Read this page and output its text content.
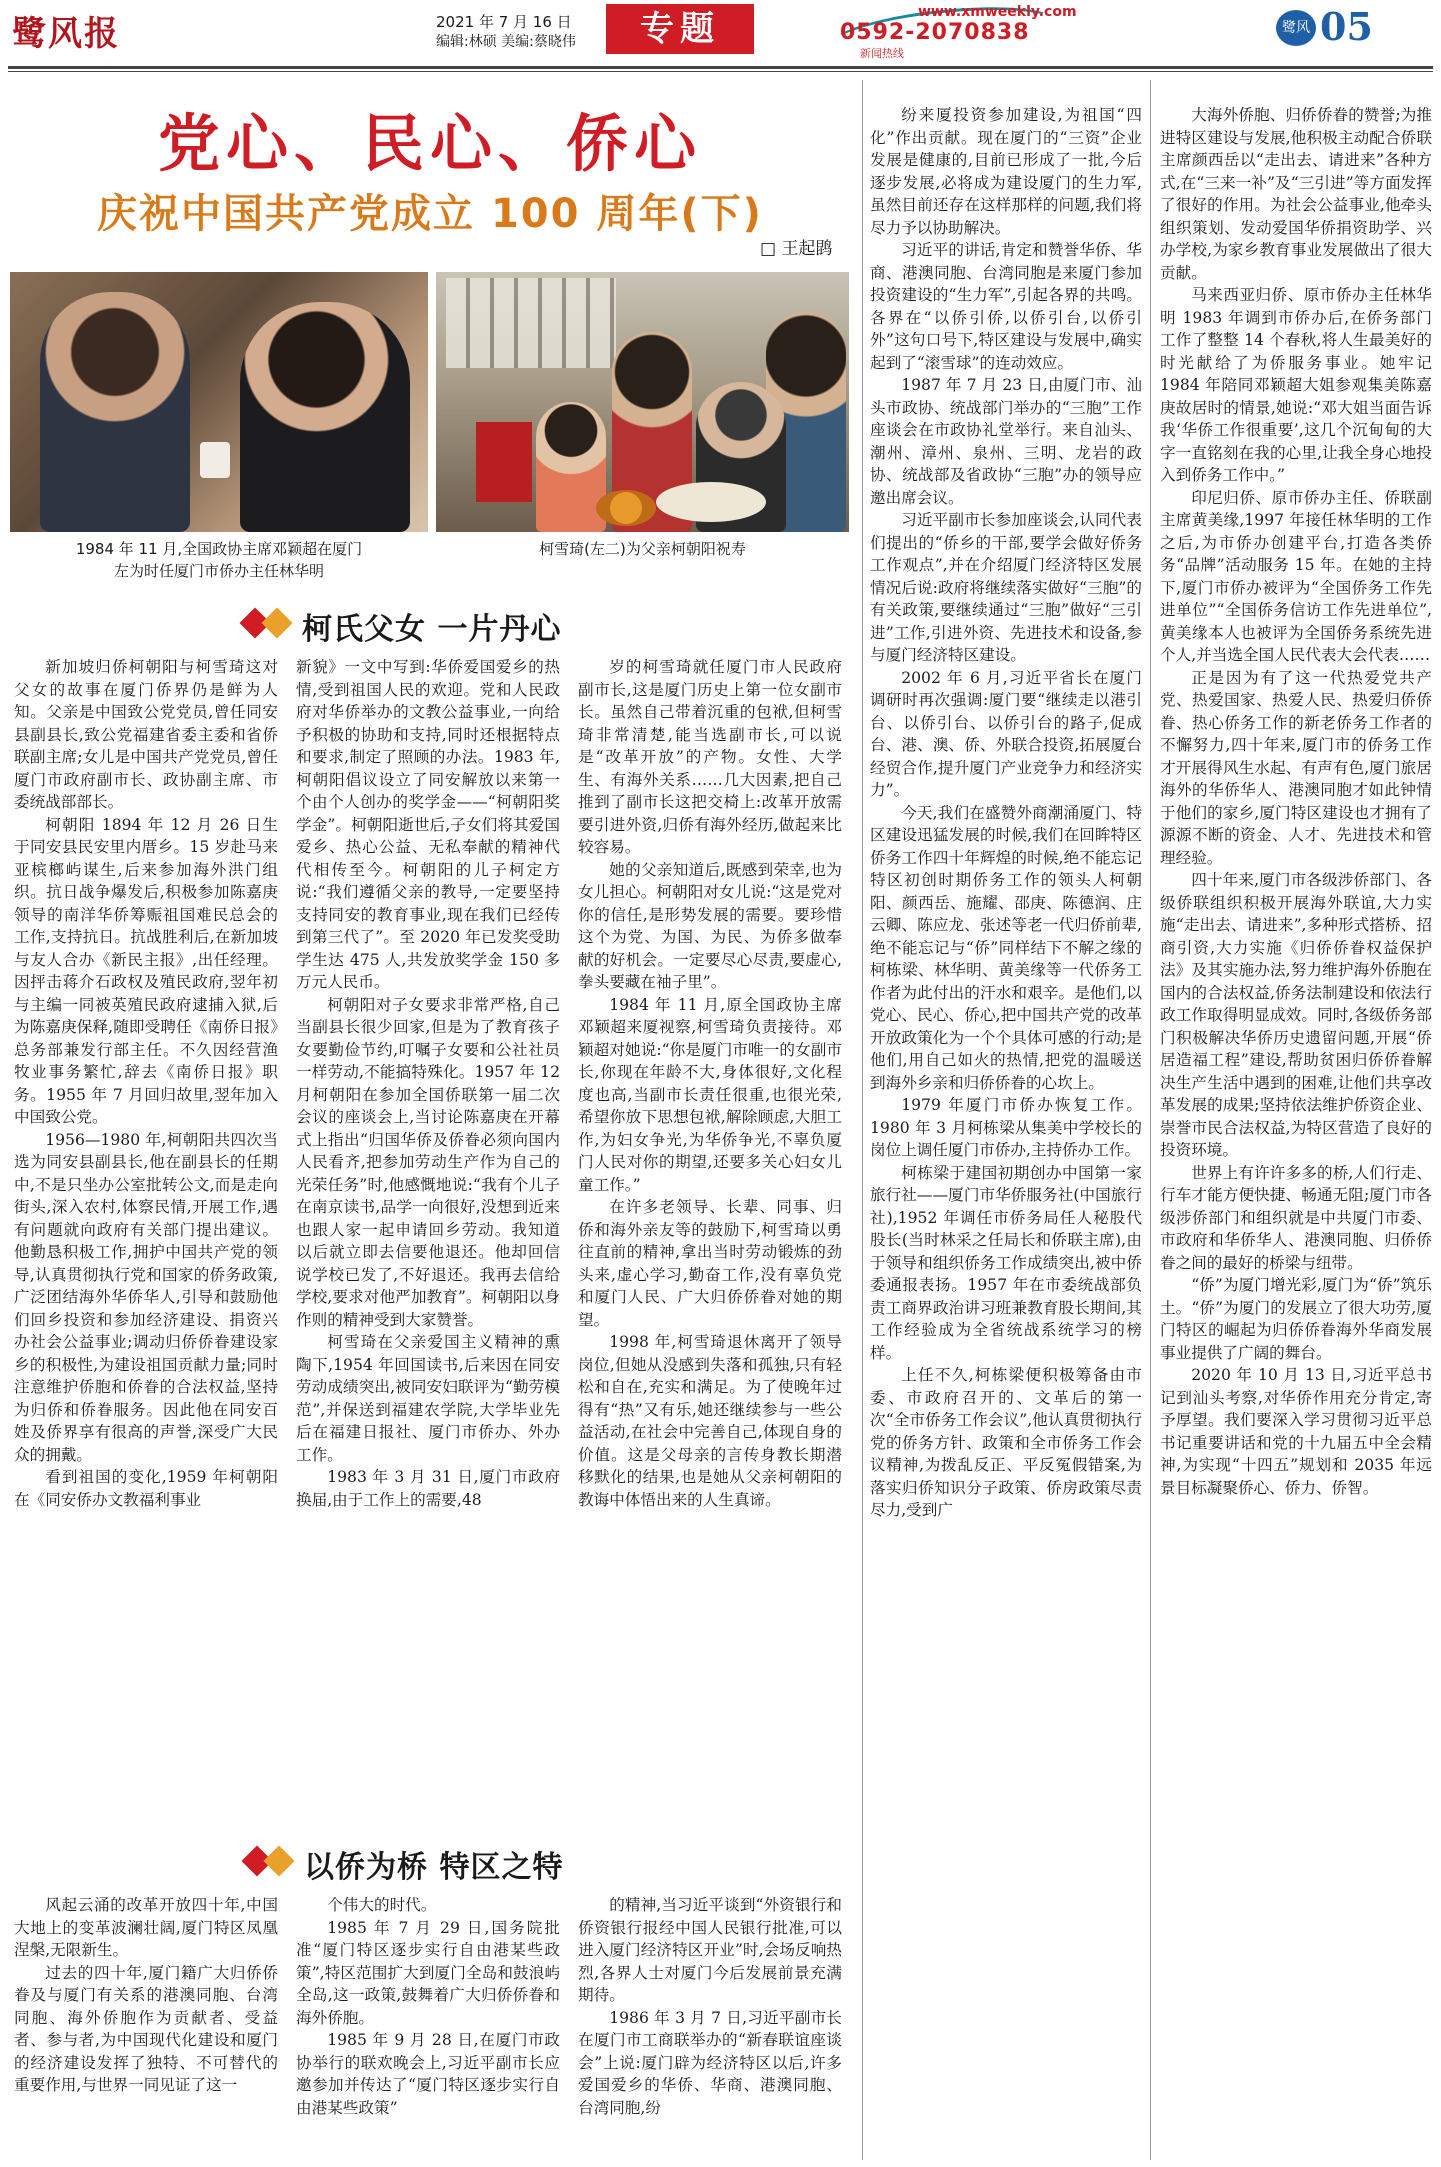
鹭风报	2021 年 7 月 16 日
编辑:林硕 美编:蔡晓伟	专题	www.xmweekly.com
0592-2070838
新闻热线
鹭风 05
党心、民心、侨心
庆祝中国共产党成立 100 周年(下)
□ 王起鹍
1984 年 11 月,全国政协主席邓颖超在厦门
左为时任厦门市侨办主任林华明
柯雪琦(左二)为父亲柯朝阳祝寿
柯氏父女 一片丹心

新加坡归侨柯朝阳与柯雪琦这对父女的故事在厦门侨界仍是鲜为人知。父亲是中国致公党党员,曾任同安县副县长,致公党福建省委主委和省侨联副主席;女儿是中国共产党党员,曾任厦门市政府副市长、政协副主席、市委统战部部长。

柯朝阳 1894 年 12 月 26 日生于同安县民安里内厝乡。15 岁赴马来亚槟榔屿谋生,后来参加海外洪门组织。抗日战争爆发后,积极参加陈嘉庚领导的南洋华侨筹赈祖国难民总会的工作,支持抗日。抗战胜利后,在新加坡与友人合办《新民主报》,出任经理。因抨击蒋介石政权及殖民政府,翌年初与主编一同被英殖民政府逮捕入狱,后为陈嘉庚保释,随即受聘任《南侨日报》总务部兼发行部主任。不久因经营渔牧业事务繁忙,辞去《南侨日报》职务。1955 年 7 月回归故里,翌年加入中国致公党。

1956—1980 年,柯朝阳共四次当选为同安县副县长,他在副县长的任期中,不是只坐办公室批转公文,而是走向街头,深入农村,体察民情,开展工作,遇有问题就向政府有关部门提出建议。他勤恳积极工作,拥护中国共产党的领导,认真贯彻执行党和国家的侨务政策,广泛团结海外华侨华人,引导和鼓励他们回乡投资和参加经济建设、捐资兴办社会公益事业;调动归侨侨眷建设家乡的积极性,为建设祖国贡献力量;同时注意维护侨胞和侨眷的合法权益,坚持为归侨和侨眷服务。因此他在同安百姓及侨界享有很高的声誉,深受广大民众的拥戴。

看到祖国的变化,1959 年柯朝阳在《同安侨办文教福利事业

新貌》一文中写到:华侨爱国爱乡的热情,受到祖国人民的欢迎。党和人民政府对华侨举办的文教公益事业,一向给予积极的协助和支持,同时还根据特点和要求,制定了照顾的办法。1983 年,柯朝阳倡议设立了同安解放以来第一个由个人创办的奖学金——“柯朝阳奖学金”。柯朝阳逝世后,子女们将其爱国爱乡、热心公益、无私奉献的精神代代相传至今。柯朝阳的儿子柯定方说:“我们遵循父亲的教导,一定要坚持支持同安的教育事业,现在我们已经传到第三代了”。至 2020 年已发奖受助学生达 475 人,共发放奖学金 150 多万元人民币。

柯朝阳对子女要求非常严格,自己当副县长很少回家,但是为了教育孩子女要勤俭节约,叮嘱子女要和公社社员一样劳动,不能搞特殊化。1957 年 12 月柯朝阳在参加全国侨联第一届二次会议的座谈会上,当讨论陈嘉庚在开幕式上指出“归国华侨及侨眷必须向国内人民看齐,把参加劳动生产作为自己的光荣任务”时,他感慨地说:“我有个儿子在南京读书,品学一向很好,没想到近来也跟人家一起申请回乡劳动。我知道以后就立即去信要他退还。他却回信说学校已发了,不好退还。我再去信给学校,要求对他严加教育”。柯朝阳以身作则的精神受到大家赞誉。

柯雪琦在父亲爱国主义精神的熏陶下,1954 年回国读书,后来因在同安劳动成绩突出,被同安妇联评为“勤劳模范”,并保送到福建农学院,大学毕业先后在福建日报社、厦门市侨办、外办工作。

1983 年 3 月 31 日,厦门市政府换届,由于工作上的需要,48

岁的柯雪琦就任厦门市人民政府副市长,这是厦门历史上第一位女副市长。虽然自己带着沉重的包袱,但柯雪琦非常清楚,能当选副市长,可以说是“改革开放”的产物。女性、大学生、有海外关系……几大因素,把自己推到了副市长这把交椅上:改革开放需要引进外资,归侨有海外经历,做起来比较容易。

她的父亲知道后,既感到荣幸,也为女儿担心。柯朝阳对女儿说:“这是党对你的信任,是形势发展的需要。要珍惜这个为党、为国、为民、为侨多做奉献的好机会。一定要尽心尽责,要虚心,拳头要藏在袖子里”。

1984 年 11 月,原全国政协主席邓颖超来厦视察,柯雪琦负责接待。邓颖超对她说:“你是厦门市唯一的女副市长,你现在年龄不大,身体很好,文化程度也高,当副市长责任很重,也很光荣,希望你放下思想包袱,解除顾虑,大胆工作,为妇女争光,为华侨争光,不辜负厦门人民对你的期望,还要多关心妇女儿童工作。”

在许多老领导、长辈、同事、归侨和海外亲友等的鼓励下,柯雪琦以勇往直前的精神,拿出当时劳动锻炼的劲头来,虚心学习,勤奋工作,没有辜负党和厦门人民、广大归侨侨眷对她的期望。

1998 年,柯雪琦退休离开了领导岗位,但她从没感到失落和孤独,只有轻松和自在,充实和满足。为了使晚年过得有“热”又有乐,她还继续参与一些公益活动,在社会中完善自己,体现自身的价值。这是父母亲的言传身教长期潜移默化的结果,也是她从父亲柯朝阳的教诲中体悟出来的人生真谛。

以侨为桥 特区之特

风起云涌的改革开放四十年,中国大地上的变革波澜壮阔,厦门特区凤凰涅槃,无限新生。

过去的四十年,厦门籍广大归侨侨眷及与厦门有关系的港澳同胞、台湾同胞、海外侨胞作为贡献者、受益者、参与者,为中国现代化建设和厦门的经济建设发挥了独特、不可替代的重要作用,与世界一同见证了这一

个伟大的时代。

1985 年 7 月 29 日,国务院批准“厦门特区逐步实行自由港某些政策”,特区范围扩大到厦门全岛和鼓浪屿全岛,这一政策,鼓舞着广大归侨侨眷和海外侨胞。

1985 年 9 月 28 日,在厦门市政协举行的联欢晚会上,习近平副市长应邀参加并传达了“厦门特区逐步实行自由港某些政策”

的精神,当习近平谈到“外资银行和侨资银行报经中国人民银行批准,可以进入厦门经济特区开业”时,会场反响热烈,各界人士对厦门今后发展前景充满期待。

1986 年 3 月 7 日,习近平副市长在厦门市工商联举办的“新春联谊座谈会”上说:厦门辟为经济特区以后,许多爱国爱乡的华侨、华商、港澳同胞、台湾同胞,纷

纷来厦投资参加建设,为祖国“四化”作出贡献。现在厦门的“三资”企业发展是健康的,目前已形成了一批,今后逐步发展,必将成为建设厦门的生力军,虽然目前还存在这样那样的问题,我们将尽力予以协助解决。

习近平的讲话,肯定和赞誉华侨、华商、港澳同胞、台湾同胞是来厦门参加投资建设的“生力军”,引起各界的共鸣。各界在“以侨引侨,以侨引台,以侨引外”这句口号下,特区建设与发展中,确实起到了“滚雪球”的连动效应。

1987 年 7 月 23 日,由厦门市、汕头市政协、统战部门举办的“三胞”工作座谈会在市政协礼堂举行。来自汕头、潮州、漳州、泉州、三明、龙岩的政协、统战部及省政协“三胞”办的领导应邀出席会议。

习近平副市长参加座谈会,认同代表们提出的“侨乡的干部,要学会做好侨务工作观点”,并在介绍厦门经济特区发展情况后说:政府将继续落实做好“三胞”的有关政策,要继续通过“三胞”做好“三引进”工作,引进外资、先进技术和设备,参与厦门经济特区建设。

2002 年 6 月,习近平省长在厦门调研时再次强调:厦门要“继续走以港引台、以侨引台、以侨引台的路子,促成台、港、澳、侨、外联合投资,拓展厦台经贸合作,提升厦门产业竞争力和经济实力”。

今天,我们在盛赞外商潮涌厦门、特区建设迅猛发展的时候,我们在回眸特区侨务工作四十年辉煌的时候,绝不能忘记特区初创时期侨务工作的领头人柯朝阳、颜西岳、施耀、邵庚、陈德润、庄云卿、陈应龙、张述等老一代归侨前辈,绝不能忘记与“侨”同样结下不解之缘的柯栋梁、林华明、黄美缘等一代侨务工作者为此付出的汗水和艰辛。是他们,以党心、民心、侨心,把中国共产党的改革开放政策化为一个个具体可感的行动;是他们,用自己如火的热情,把党的温暖送到海外乡亲和归侨侨眷的心坎上。

1979 年厦门市侨办恢复工作。1980 年 3 月柯栋梁从集美中学校长的岗位上调任厦门市侨办,主持侨办工作。

柯栋梁于建国初期创办中国第一家旅行社——厦门市华侨服务社(中国旅行社),1952 年调任市侨务局任人秘股代股长(当时林采之任局长和侨联主席),由于领导和组织侨务工作成绩突出,被中侨委通报表扬。1957 年在市委统战部负责工商界政治讲习班兼教育股长期间,其工作经验成为全省统战系统学习的榜样。

上任不久,柯栋梁便积极筹备由市委、市政府召开的、文革后的第一次“全市侨务工作会议”,他认真贯彻执行党的侨务方针、政策和全市侨务工作会议精神,为拨乱反正、平反冤假错案,为落实归侨知识分子政策、侨房政策尽责尽力,受到广

大海外侨胞、归侨侨眷的赞誉;为推进特区建设与发展,他积极主动配合侨联主席颜西岳以“走出去、请进来”各种方式,在“三来一补”及“三引进”等方面发挥了很好的作用。为社会公益事业,他牵头组织策划、发动爱国华侨捐资助学、兴办学校,为家乡教育事业发展做出了很大贡献。

马来西亚归侨、原市侨办主任林华明 1983 年调到市侨办后,在侨务部门工作了整整 14 个春秋,将人生最美好的时光献给了为侨服务事业。她牢记 1984 年陪同邓颖超大姐参观集美陈嘉庚故居时的情景,她说:“邓大姐当面告诉我‘华侨工作很重要’,这几个沉甸甸的大字一直铭刻在我的心里,让我全身心地投入到侨务工作中。”

印尼归侨、原市侨办主任、侨联副主席黄美缘,1997 年接任林华明的工作之后,为市侨办创建平台,打造各类侨务“品牌”活动服务 15 年。在她的主持下,厦门市侨办被评为“全国侨务工作先进单位”“全国侨务信访工作先进单位”,黄美缘本人也被评为全国侨务系统先进个人,并当选全国人民代表大会代表……

正是因为有了这一代热爱党共产党、热爱国家、热爱人民、热爱归侨侨眷、热心侨务工作的新老侨务工作者的不懈努力,四十年来,厦门市的侨务工作才开展得风生水起、有声有色,厦门旅居海外的华侨华人、港澳同胞才如此钟情于他们的家乡,厦门特区建设也才拥有了源源不断的资金、人才、先进技术和管理经验。

四十年来,厦门市各级涉侨部门、各级侨联组织积极开展海外联谊,大力实施“走出去、请进来”,多种形式搭桥、招商引资,大力实施《归侨侨眷权益保护法》及其实施办法,努力维护海外侨胞在国内的合法权益,侨务法制建设和依法行政工作取得明显成效。同时,各级侨务部门积极解决华侨历史遗留问题,开展“侨居造福工程”建设,帮助贫困归侨侨眷解决生产生活中遇到的困难,让他们共享改革发展的成果;坚持依法维护侨资企业、崇誉市民合法权益,为特区营造了良好的投资环境。

世界上有许许多多的桥,人们行走、行车才能方便快捷、畅通无阻;厦门市各级涉侨部门和组织就是中共厦门市委、市政府和华侨华人、港澳同胞、归侨侨眷之间的最好的桥梁与纽带。

“侨”为厦门增光彩,厦门为“侨”筑乐土。“侨”为厦门的发展立了很大功劳,厦门特区的崛起为归侨侨眷海外华商发展事业提供了广阔的舞台。

2020 年 10 月 13 日,习近平总书记到汕头考察,对华侨作用充分肯定,寄予厚望。我们要深入学习贯彻习近平总书记重要讲话和党的十九届五中全会精神,为实现“十四五”规划和 2035 年远景目标凝聚侨心、侨力、侨智。
